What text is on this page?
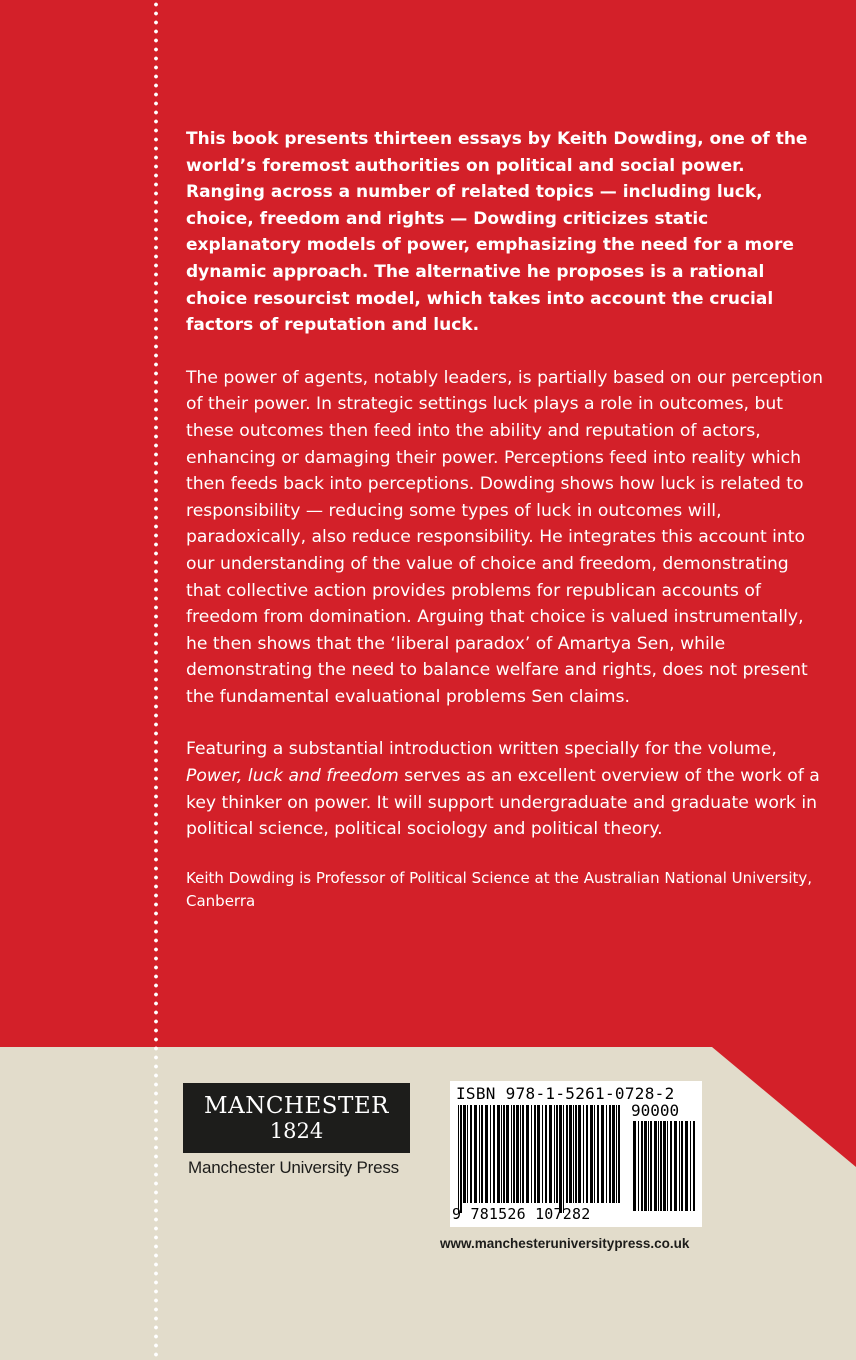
This book presents thirteen essays by Keith Dowding, one of the world’s foremost authorities on political and social power. Ranging across a number of related topics — including luck, choice, freedom and rights — Dowding criticizes static explanatory models of power, emphasizing the need for a more dynamic approach. The alternative he proposes is a rational choice resourcist model, which takes into account the crucial factors of reputation and luck.

The power of agents, notably leaders, is partially based on our perception of their power. In strategic settings luck plays a role in outcomes, but these outcomes then feed into the ability and reputation of actors, enhancing or damaging their power. Perceptions feed into reality which then feeds back into perceptions. Dowding shows how luck is related to responsibility — reducing some types of luck in outcomes will, paradoxically, also reduce responsibility. He integrates this account into our understanding of the value of choice and freedom, demonstrating that collective action provides problems for republican accounts of freedom from domination. Arguing that choice is valued instrumentally, he then shows that the ‘liberal paradox’ of Amartya Sen, while demonstrating the need to balance welfare and rights, does not present the fundamental evaluational problems Sen claims.

Featuring a substantial introduction written specially for the volume, Power, luck and freedom serves as an excellent overview of the work of a key thinker on power. It will support undergraduate and graduate work in political science, political sociology and political theory.

Keith Dowding is Professor of Political Science at the Australian National University, Canberra

MANCHESTER
1824
Manchester University Press
ISBN 978-1-5261-0728-2
90000
9 781526 107282
www.manchesteruniversitypress.co.uk
